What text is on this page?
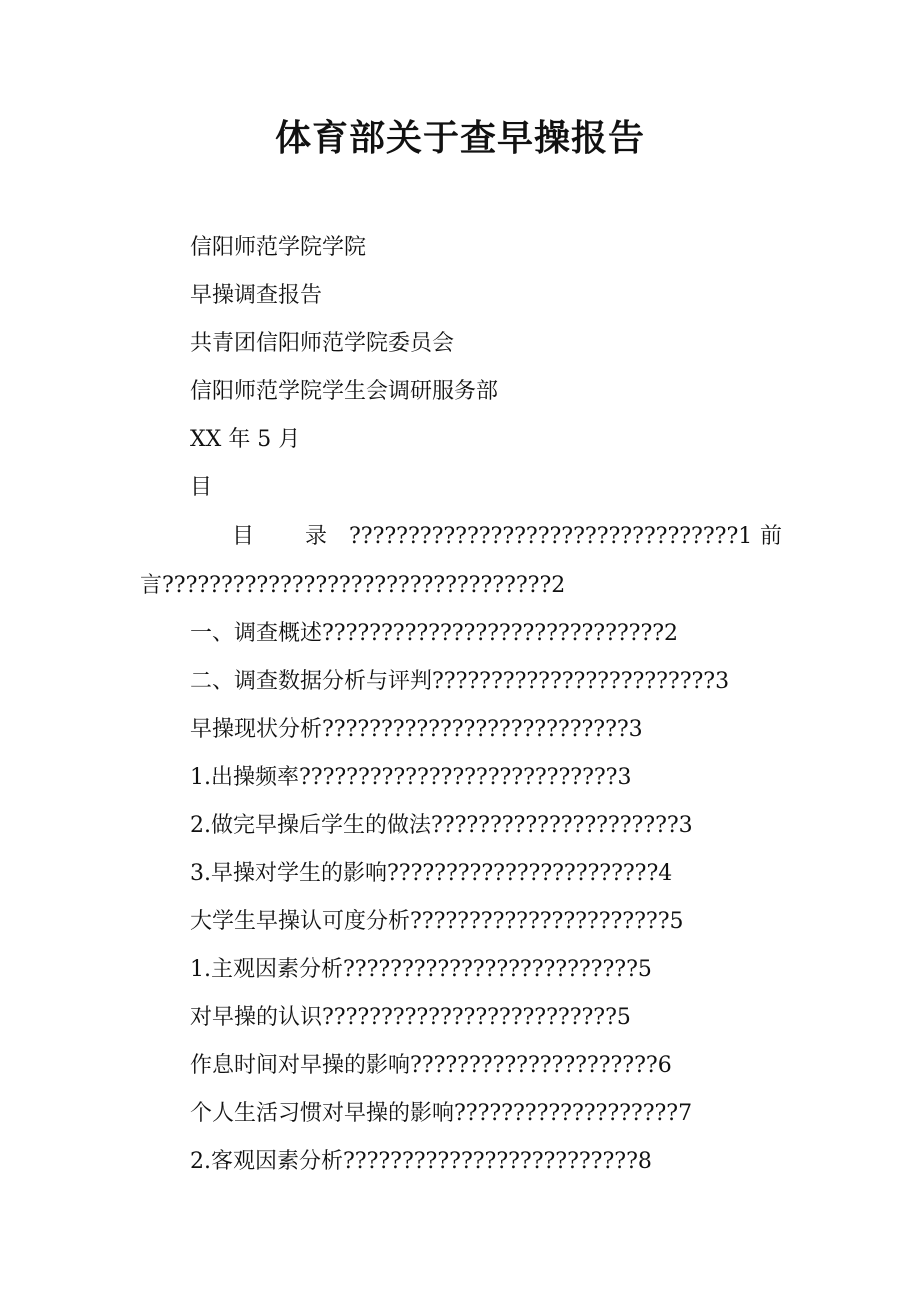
体育部关于查早操报告
信阳师范学院学院
早操调查报告
共青团信阳师范学院委员会
信阳师范学院学生会调研服务部
XX 年 5 月
目
目 录?????????????????????????????????1 前
言?????????????????????????????????2
一、调查概述?????????????????????????????2
二、调查数据分析与评判????????????????????????3
早操现状分析??????????????????????????3
1.出操频率???????????????????????????3
2.做完早操后学生的做法?????????????????????3
3.早操对学生的影响???????????????????????4
大学生早操认可度分析??????????????????????5
1.主观因素分析?????????????????????????5
对早操的认识?????????????????????????5
作息时间对早操的影响?????????????????????6
个人生活习惯对早操的影响???????????????????7
2.客观因素分析?????????????????????????8
